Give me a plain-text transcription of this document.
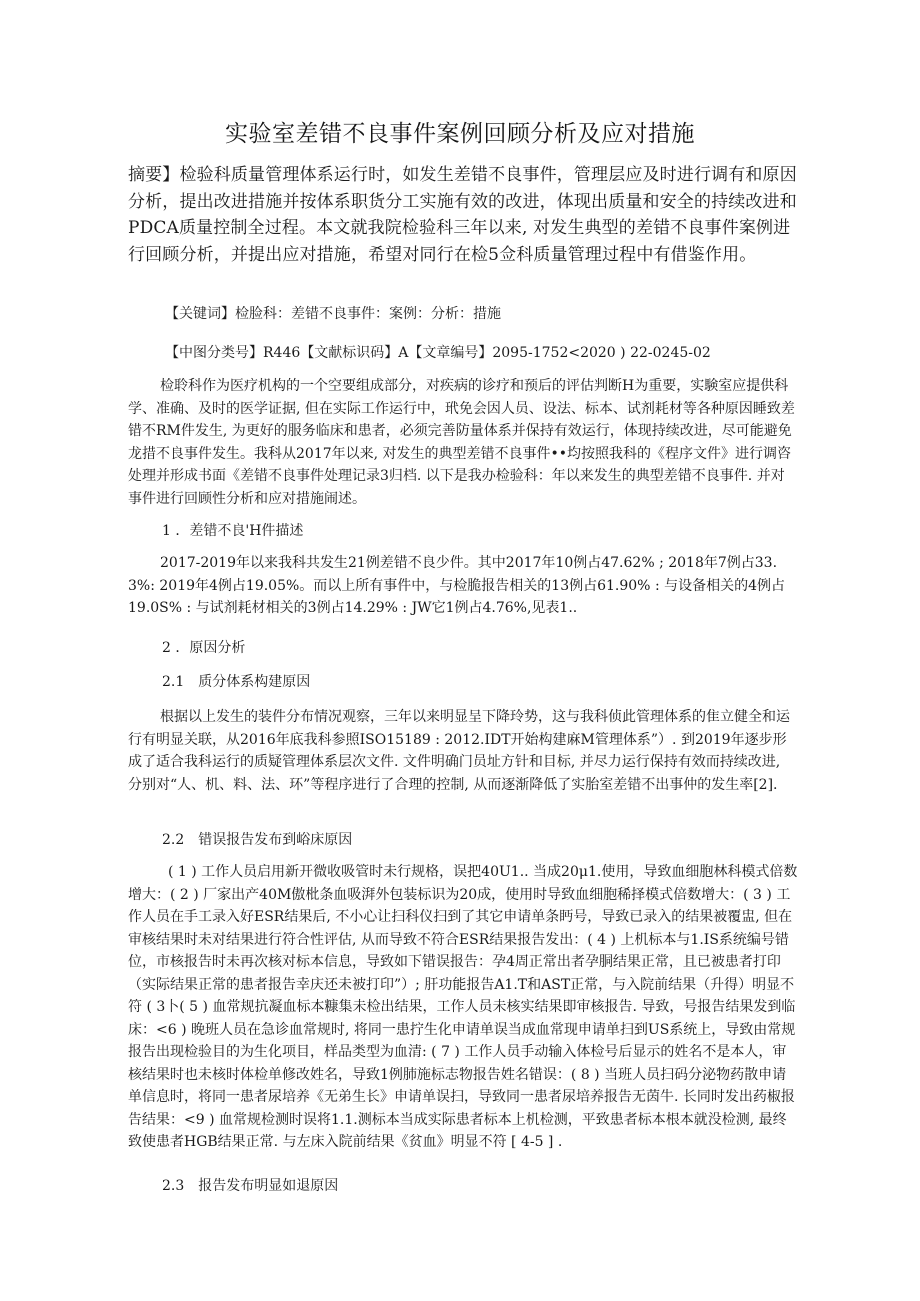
实验室差错不良事件案例回顾分析及应对措施

摘要】检验科质量管理体系运行时，如发生差错不良事件，管理层应及时进行调有和原因分析，提出改进措施并按体系职货分工实施有效的改进，体现出质量和安全的持续改进和PDCA质量控制全过程。本文就我院检验科三年以来, 对发生典型的差错不良事件案例进行回顾分析，并提出应对措施，希望对同行在检5佥科质量管理过程中有借鉴作用。

【关键词】检脸科：差错不良事件：案例：分析：措施

【中图分类号】R446【文献标识码】A【文章编号】2095-1752<2020 ) 22-0245-02

检聆科作为医疗机构的一个空要组成部分，对疾病的诊疗和预后的评估判断H为重要，实験室应提供科学、准确、及时的医学证据, 但在实际工作运行中，玳免会因人员、设法、标本、试剂耗材等各种原因睡致差错不RM件发生, 为更好的服务临床和患者，必须完善防量体系并保持有效运行，体现持续改进，尽可能避免龙措不良事件发生。我科从2017年以来, 对发生的典型差错不良事件••均按照我科的《程序文件》进行调咨处理并形成书面《差错不良事件处理记录3归档. 以下是我办检验科：年以来发生的典型差错不良事件. 并对事件进行回顾性分析和应对措施闹述。

1 ．差错不良'H件描述

2017-2019年以来我科共发生21例差错不良少件。其中2017年10例占47.62% ; 2018年7例占33. 3%: 2019年4例占19.05%。而以上所有事件中，与检脆报告相关的13例占61.90% : 与设备相关的4例占19.0S% : 与试剂耗材相关的3例占14.29% : JW它1例占4.76%,见表1..

2 ．原因分析

2.1　质分体系构建原因

根据以上发生的装件分布情况观察，三年以来明显呈下降玲势，这与我科侦此管理体系的隹立健全和运行有明显关联，从2016年底我科参照ISO15189 : 2012.IDT开始构建麻M管理体系”）. 到2019年逐步形成了适合我科运行的质疑管理体系层次文件. 文件明确门员址方针和目标, 并尽力运行保持有效而持续改进, 分别对“人、机、料、法、环”等程序进行了合理的控制, 从而逐渐降低了实胎室差错不出事仲的发生率[2].

2.2　错误报告发布到峪床原因

( 1 ) 工作人员启用新开微收吸管时未行规格，误把40U1.. 当成20μ1.使用，导致血细胞林科模式倍数增大：( 2 ) 厂家出产40M傲枇条血吸湃外包装标识为20成，使用时导致血细胞稀择模式倍数增大：( 3 ) 工作人员在手工录入好ESR结果后, 不小心让扫科仪扫到了其它申请单条眄号，导致已录入的结果被覆盅, 但在审核结果时未对结果进行符合性评估, 从而导致不符合ESR结果报告发出：( 4 ) 上机标本与1.IS系统编号错位，市核报告时未再次核对标本信息，导致如下错误报告：孕4周正常出者孕胴结果正常，且已被患者打印（实际结果正常的患者报告幸庆还未被打印”）; 肝功能报告A1.T和AST正常，与入院前结果（升得）明显不符 ( 3卜( 5 ) 血常规抗凝血标本糠集未检出结果，工作人员未核实结果即审核报告. 导致，号报告结果发到临床：<6 ) 晚班人员在急诊血常规时, 将同一患拧生化申请单误当成血常现申请单扫到US系统上，导致由常规报告出现检验目的为生化项目，样品类型为血清: ( 7 ) 工作人员手动输入体检号后显示的姓名不是本人，审核结果时也未核时体检单修改姓名，导致1例肺施标志物报告姓名错误：( 8 ) 当班人员扫码分泌物药散申请单信息时，将同一患者尿培养《无弟生长》申请单误扫，导致同一患者尿培养报告无茵牛. 长同时发出药椒报告结果：<9 ) 血常规检测时误将1.1.测标本当成实际患者标本上机检测，平致患者标本根本就没检测, 最终致使患者HGB结果正常. 与左床入院前结果《贫血》明显不符 [ 4-5 ] .

2.3　报告发布明显如退原因
